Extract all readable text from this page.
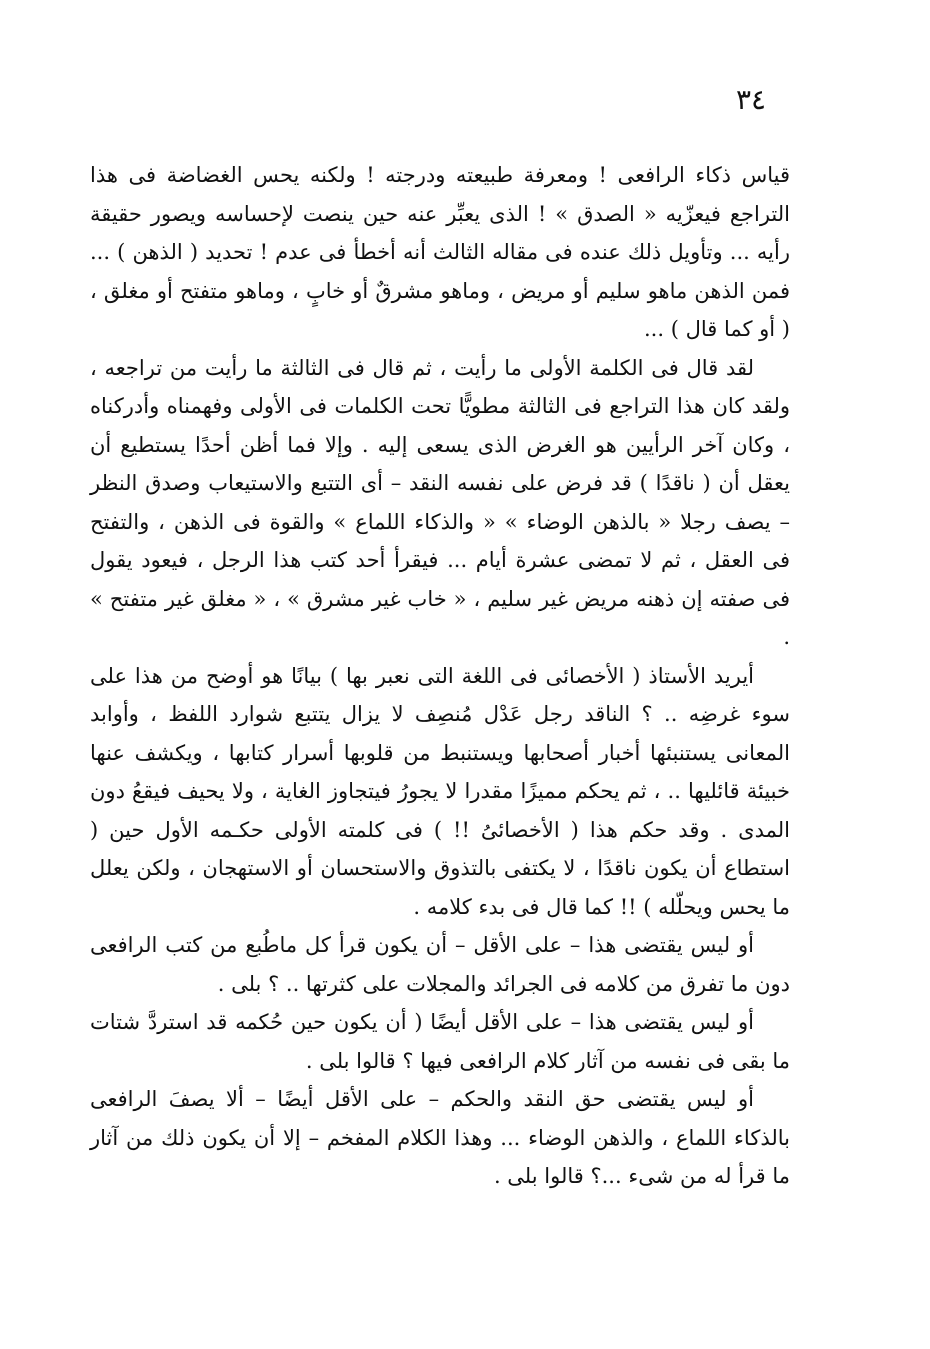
٣٤

قياس ذكاء الرافعى ! ومعرفة طبيعته ودرجته ! ولكنه يحس الغضاضة فى هذا التراجع فيعزّيه « الصدق » ! الذى يعبِّر عنه حين ينصت لإحساسه ويصور حقيقة رأيه ... وتأويل ذلك عنده فى مقاله الثالث أنه أخطأ فى عدم ! تحديد ( الذهن ) ... فمن الذهن ماهو سليم أو مريض ، وماهو مشرقٌ أو خابٍ ، وماهو متفتح أو مغلق ، ( أو كما قال ) ...

لقد قال فى الكلمة الأولى ما رأيت ، ثم قال فى الثالثة ما رأيت من تراجعه ، ولقد كان هذا التراجع فى الثالثة مطويًّا تحت الكلمات فى الأولى وفهمناه وأدركناه ، وكان آخر الرأيين هو الغرض الذى يسعى إليه . وإلا فما أظن أحدًا يستطيع أن يعقل أن ( ناقدًا ) قد فرض على نفسه النقد – أى التتبع والاستيعاب وصدق النظر – يصف رجلا « بالذهن الوضاء » « والذكاء اللماع » والقوة فى الذهن ، والتفتح فى العقل ، ثم لا تمضى عشرة أيام ... فيقرأ أحد كتب هذا الرجل ، فيعود يقول فى صفته إن ذهنه مريض غير سليم ، « خاب غير مشرق » ، « مغلق غير متفتح » .

أيريد الأستاذ ( الأخصائى فى اللغة التى نعبر بها ) بيانًا هو أوضح من هذا على سوء غرضِه .. ؟ الناقد رجل عَدْل مُنصِف لا يزال يتتبع شوارد اللفظ ، وأوابد المعانى يستنبئها أخبار أصحابها ويستنبط من قلوبها أسرار كتابها ، ويكشف عنها خبيئة قائليها .. ، ثم يحكم مميزًا مقدرا لا يجورُ فيتجاوز الغاية ، ولا يحيف فيقعُ دون المدى . وقد حكم هذا ( الأخصائىُ !! ) فى كلمته الأولى حكـمه الأول حين ( استطاع أن يكون ناقدًا ، لا يكتفى بالتذوق والاستحسان أو الاستهجان ، ولكن يعلل ما يحس ويحلّله ) !! كما قال فى بدء كلامه .

أو ليس يقتضى هذا – على الأقل – أن يكون قرأ كل ماطُبع من كتب الرافعى دون ما تفرق من كلامه فى الجرائد والمجلات على كثرتها .. ؟ بلى .

أو ليس يقتضى هذا – على الأقل أيضًا ( أن يكون حين حُكمه قد استردَّ شتات ما بقى فى نفسه من آثار كلام الرافعى فيها ؟ قالوا بلى .

أو ليس يقتضى حق النقد والحكم – على الأقل أيضًا – ألا يصفَ الرافعى بالذكاء اللماع ، والذهن الوضاء ... وهذا الكلام المفخم – إلا أن يكون ذلك من آثار ما قرأ له من شىء ...؟ قالوا بلى .
